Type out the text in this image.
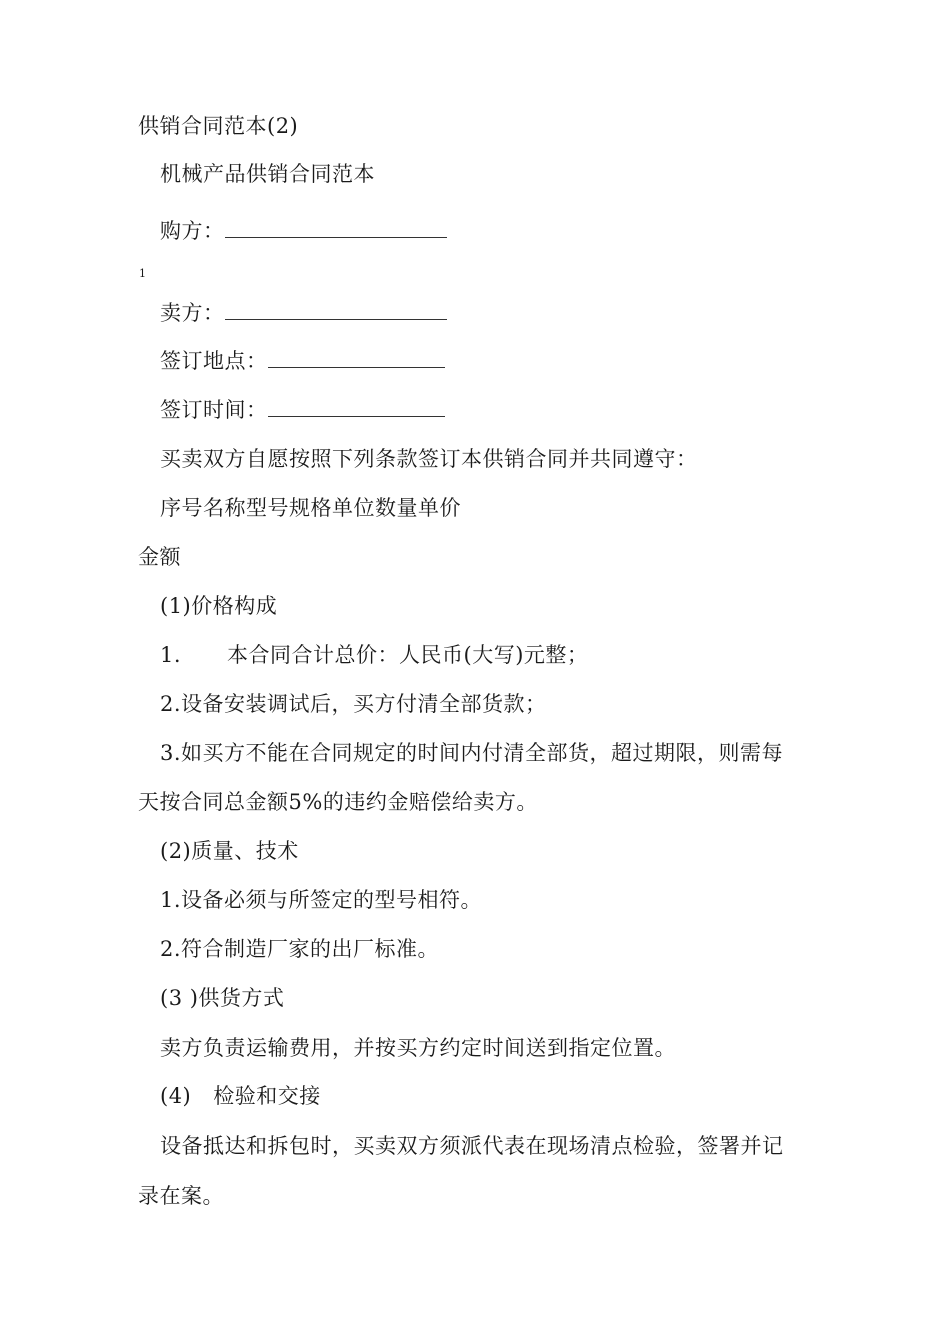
供销合同范本(2)
机械产品供销合同范本
购方：
1
卖方：
签订地点：
签订时间：
买卖双方自愿按照下列条款签订本供销合同并共同遵守：
序号名称型号规格单位数量单价
金额
(1)价格构成
1. 本合同合计总价：人民币(大写)元整；
2.设备安装调试后，买方付清全部货款；
3.如买方不能在合同规定的时间内付清全部货，超过期限，则需每
天按合同总金额5%的违约金赔偿给卖方。
(2)质量、技术
1.设备必须与所签定的型号相符。
2.符合制造厂家的出厂标准。
(3 )供货方式
卖方负责运输费用，并按买方约定时间送到指定位置。
(4) 检验和交接
设备抵达和拆包时，买卖双方须派代表在现场清点检验，签署并记
录在案。
